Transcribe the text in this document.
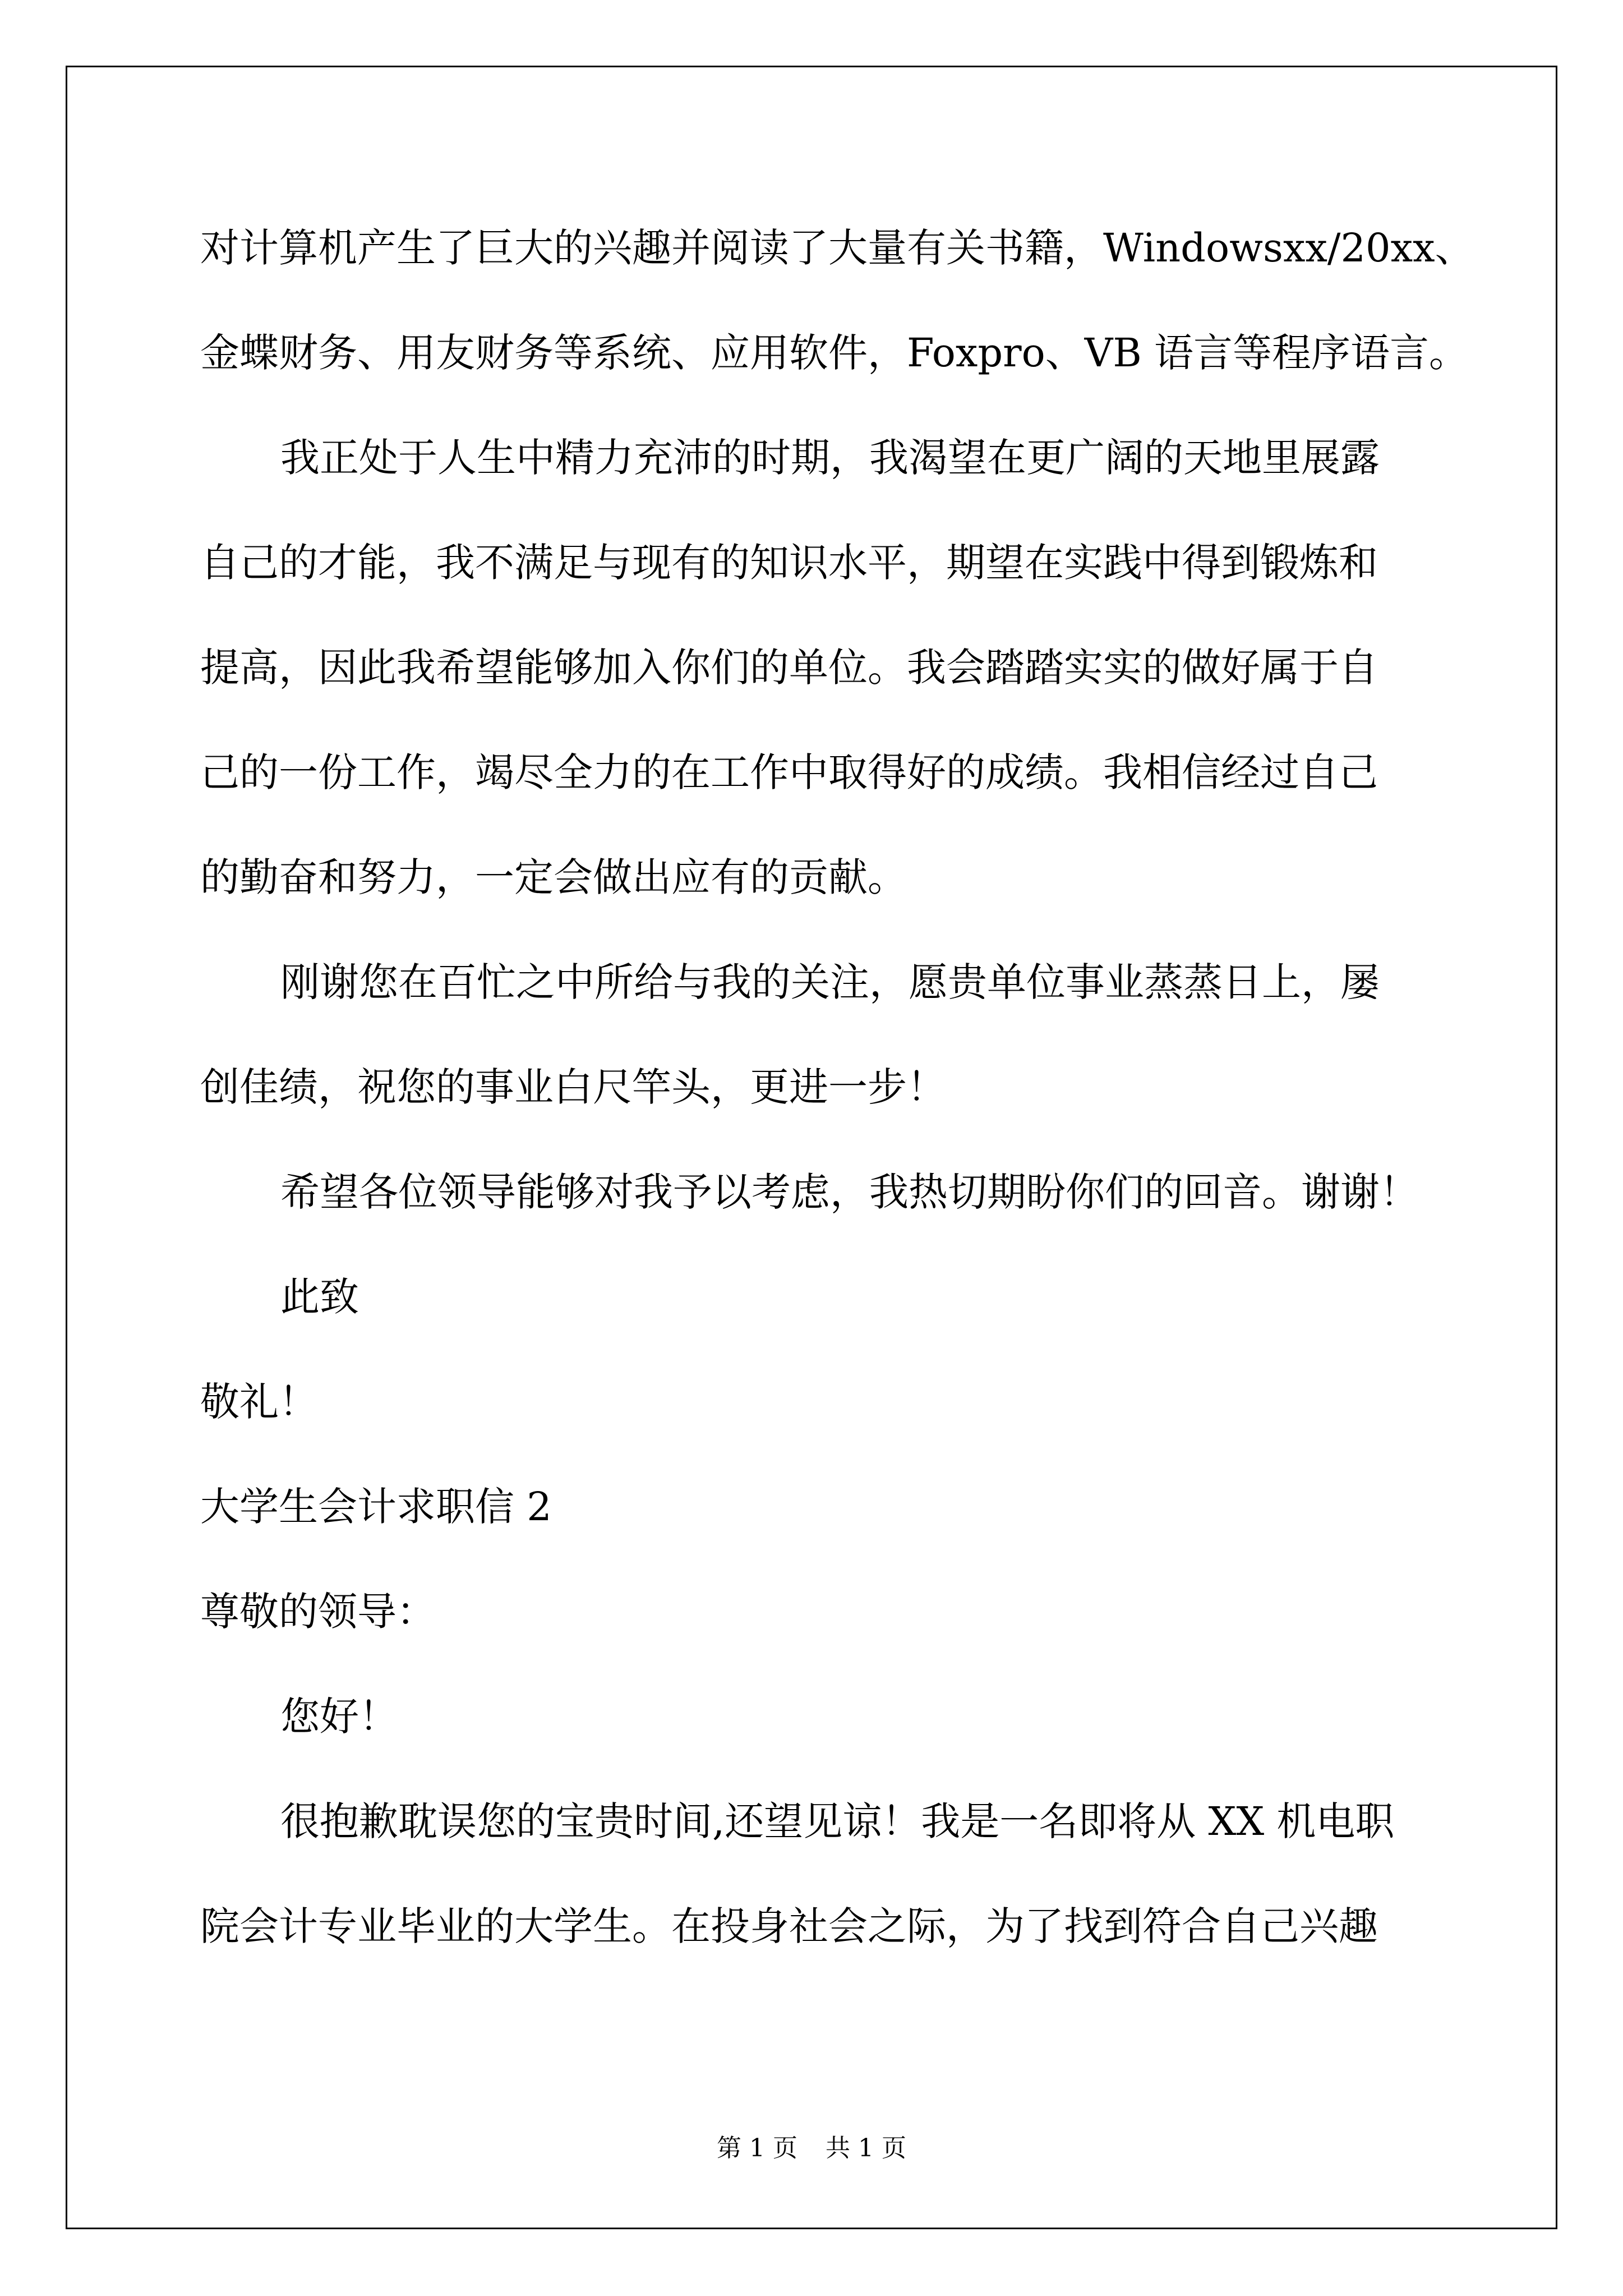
对计算机产生了巨大的兴趣并阅读了大量有关书籍，Windowsxx/20xx、
金蝶财务、用友财务等系统、应用软件，Foxpro、VB 语言等程序语言。
我正处于人生中精力充沛的时期，我渴望在更广阔的天地里展露
自己的才能，我不满足与现有的知识水平，期望在实践中得到锻炼和
提高，因此我希望能够加入你们的单位。我会踏踏实实的做好属于自
己的一份工作，竭尽全力的在工作中取得好的成绩。我相信经过自己
的勤奋和努力，一定会做出应有的贡献。
刚谢您在百忙之中所给与我的关注，愿贵单位事业蒸蒸日上，屡
创佳绩，祝您的事业白尺竿头，更进一步！
希望各位领导能够对我予以考虑，我热切期盼你们的回音。谢谢！
此致
敬礼！
大学生会计求职信 2
尊敬的领导：
您好！
很抱歉耽误您的宝贵时间,还望见谅！我是一名即将从 XX 机电职
院会计专业毕业的大学生。在投身社会之际，为了找到符合自己兴趣
第 1 页 共 1 页
